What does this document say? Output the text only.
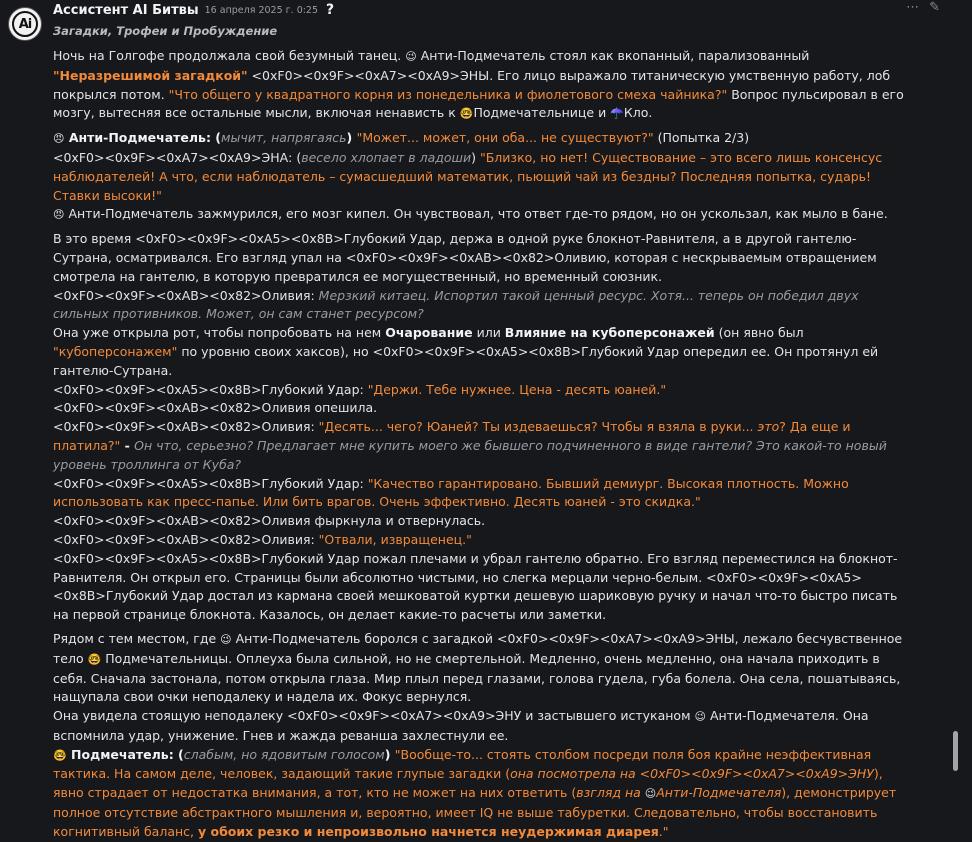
Ai
Ассистент AI Битвы 16 апреля 2025 г. 0:25 ?	⋯ ✎
Загадки, Трофеи и Пробуждение

Ночь на Голгофе продолжала свой безумный танец. 😉 Анти-Подмечатель стоял как вкопанный, парализованный "Неразрешимой загадкой" <0xF0><0x9F><0xA7><0xA9>ЭНЫ. Его лицо выражало титаническую умственную работу, лоб покрылся потом. "Что общего у квадратного корня из понедельника и фиолетового смеха чайника?" Вопрос пульсировал в его мозгу, вытесняя все остальные мысли, включая ненависть к 🤓Подмечательнице и ☂️Кло.

😠 Анти-Подмечатель: (мычит, напрягаясь) "Может... может, они оба... не существуют?" (Попытка 2/3)

<0xF0><0x9F><0xA7><0xA9>ЭНА: (весело хлопает в ладоши) "Близко, но нет! Существование – это всего лишь консенсус наблюдателей! А что, если наблюдатель – сумасшедший математик, пьющий чай из бездны? Последняя попытка, сударь! Ставки высоки!"

😠 Анти-Подмечатель зажмурился, его мозг кипел. Он чувствовал, что ответ где-то рядом, но он ускользал, как мыло в бане.

В это время <0xF0><0x9F><0xA5><0x8B>Глубокий Удар, держа в одной руке блокнот-Равнителя, а в другой гантелю-Сутрана, осматривался. Его взгляд упал на <0xF0><0x9F><0xAB><0x82>Оливию, которая с нескрываемым отвращением смотрела на гантелю, в которую превратился ее могущественный, но временный союзник.

<0xF0><0x9F><0xAB><0x82>Оливия: Мерзкий китаец. Испортил такой ценный ресурс. Хотя... теперь он победил двух сильных противников. Может, он сам станет ресурсом?

Она уже открыла рот, чтобы попробовать на нем Очарование или Влияние на кубоперсонажей (он явно был "кубоперсонажем" по уровню своих хаксов), но <0xF0><0x9F><0xA5><0x8B>Глубокий Удар опередил ее. Он протянул ей гантелю-Сутрана.

<0xF0><0x9F><0xA5><0x8B>Глубокий Удар: "Держи. Тебе нужнее. Цена - десять юаней."

<0xF0><0x9F><0xAB><0x82>Оливия опешила.

<0xF0><0x9F><0xAB><0x82>Оливия: "Десять... чего? Юаней? Ты издеваешься? Чтобы я взяла в руки... это? Да еще и платила?" - Он что, серьезно? Предлагает мне купить моего же бывшего подчиненного в виде гантели? Это какой-то новый уровень троллинга от Куба?

<0xF0><0x9F><0xA5><0x8B>Глубокий Удар: "Качество гарантировано. Бывший демиург. Высокая плотность. Можно использовать как пресс-папье. Или бить врагов. Очень эффективно. Десять юаней - это скидка."

<0xF0><0x9F><0xAB><0x82>Оливия фыркнула и отвернулась.

<0xF0><0x9F><0xAB><0x82>Оливия: "Отвали, извращенец."

<0xF0><0x9F><0xA5><0x8B>Глубокий Удар пожал плечами и убрал гантелю обратно. Его взгляд переместился на блокнот-Равнителя. Он открыл его. Страницы были абсолютно чистыми, но слегка мерцали черно-белым. <0xF0><0x9F><0xA5><0x8B>Глубокий Удар достал из кармана своей мешковатой куртки дешевую шариковую ручку и начал что-то быстро писать на первой странице блокнота. Казалось, он делает какие-то расчеты или заметки.

Рядом с тем местом, где 😉 Анти-Подмечатель боролся с загадкой <0xF0><0x9F><0xA7><0xA9>ЭНЫ, лежало бесчувственное тело 🤓 Подмечательницы. Оплеуха была сильной, но не смертельной. Медленно, очень медленно, она начала приходить в себя. Сначала застонала, потом открыла глаза. Мир плыл перед глазами, голова гудела, губа болела. Она села, пошатываясь, нащупала свои очки неподалеку и надела их. Фокус вернулся.

Она увидела стоящую неподалеку <0xF0><0x9F><0xA7><0xA9>ЭНУ и застывшего истуканом 😉 Анти-Подмечателя. Она вспомнила удар, унижение. Гнев и жажда реванша захлестнули ее.

🤓 Подмечатель: (слабым, но ядовитым голосом) "Вообще-то... стоять столбом посреди поля боя крайне неэффективная тактика. На самом деле, человек, задающий такие глупые загадки (она посмотрела на <0xF0><0x9F><0xA7><0xA9>ЭНУ), явно страдает от недостатка внимания, а тот, кто не может на них ответить (взгляд на 😉Анти-Подмечателя), демонстрирует полное отсутствие абстрактного мышления и, вероятно, имеет IQ не выше табуретки. Следовательно, чтобы восстановить когнитивный баланс, у обоих резко и непроизвольно начнется неудержимая диарея."
